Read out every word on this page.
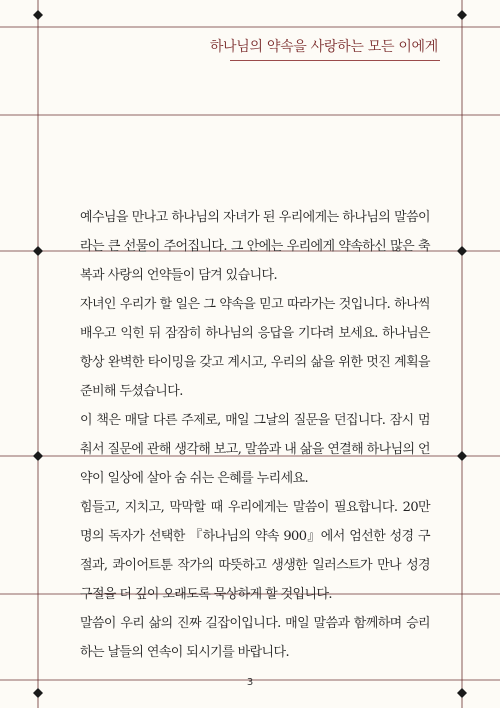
하나님의 약속을 사랑하는 모든 이에게

예수님을 만나고 하나님의 자녀가 된 우리에게는 하나님의 말씀이라는 큰 선물이 주어집니다. 그 안에는 우리에게 약속하신 많은 축복과 사랑의 언약들이 담겨 있습니다.

자녀인 우리가 할 일은 그 약속을 믿고 따라가는 것입니다. 하나씩 배우고 익힌 뒤 잠잠히 하나님의 응답을 기다려 보세요. 하나님은 항상 완벽한 타이밍을 갖고 계시고, 우리의 삶을 위한 멋진 계획을 준비해 두셨습니다.

이 책은 매달 다른 주제로, 매일 그날의 질문을 던집니다. 잠시 멈춰서 질문에 관해 생각해 보고, 말씀과 내 삶을 연결해 하나님의 언약이 일상에 살아 숨 쉬는 은혜를 누리세요.

힘들고, 지치고, 막막할 때 우리에게는 말씀이 필요합니다. 20만 명의 독자가 선택한 『하나님의 약속 900』에서 엄선한 성경 구절과, 콰이어트툰 작가의 따뜻하고 생생한 일러스트가 만나 성경 구절을 더 깊이 오래도록 묵상하게 할 것입니다.

말씀이 우리 삶의 진짜 길잡이입니다. 매일 말씀과 함께하며 승리하는 날들의 연속이 되시기를 바랍니다.

3
